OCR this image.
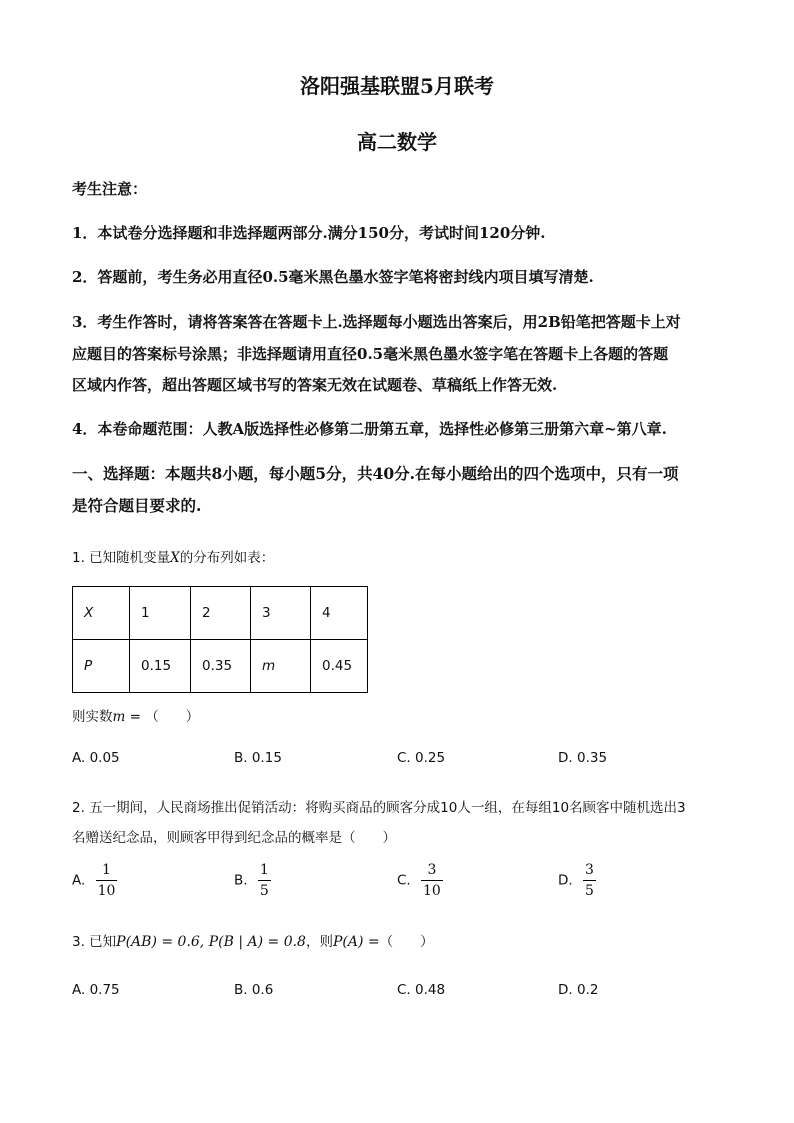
洛阳强基联盟5月联考
高二数学
考生注意：
1．本试卷分选择题和非选择题两部分.满分150分，考试时间120分钟.
2．答题前，考生务必用直径0.5毫米黑色墨水签字笔将密封线内项目填写清楚.
3．考生作答时，请将答案答在答题卡上.选择题每小题选出答案后，用2B铅笔把答题卡上对
应题目的答案标号涂黑；非选择题请用直径0.5毫米黑色墨水签字笔在答题卡上各题的答题
区域内作答，超出答题区域书写的答案无效在试题卷、草稿纸上作答无效.
4．本卷命题范围：人教A版选择性必修第二册第五章，选择性必修第三册第六章~第八章.
一、选择题：本题共8小题，每小题5分，共40分.在每小题给出的四个选项中，只有一项
是符合题目要求的.
1. 已知随机变量X的分布列如表：
X	1	2	3	4
P	0.15	0.35	m	0.45
则实数m = （　　）
A. 0.05	B. 0.15	C. 0.25	D. 0.35
2. 五一期间，人民商场推出促销活动：将购买商品的顾客分成10人一组，在每组10名顾客中随机选出3
名赠送纪念品，则顾客甲得到纪念品的概率是（　　）
A. $\frac{1}{10}$	B. $\frac{1}{5}$	C. $\frac{3}{10}$	D. $\frac{3}{5}$
3. 已知P(AB) = 0.6, P(B | A) = 0.8，则P(A) =（　　）
A. 0.75	B. 0.6	C. 0.48	D. 0.2
